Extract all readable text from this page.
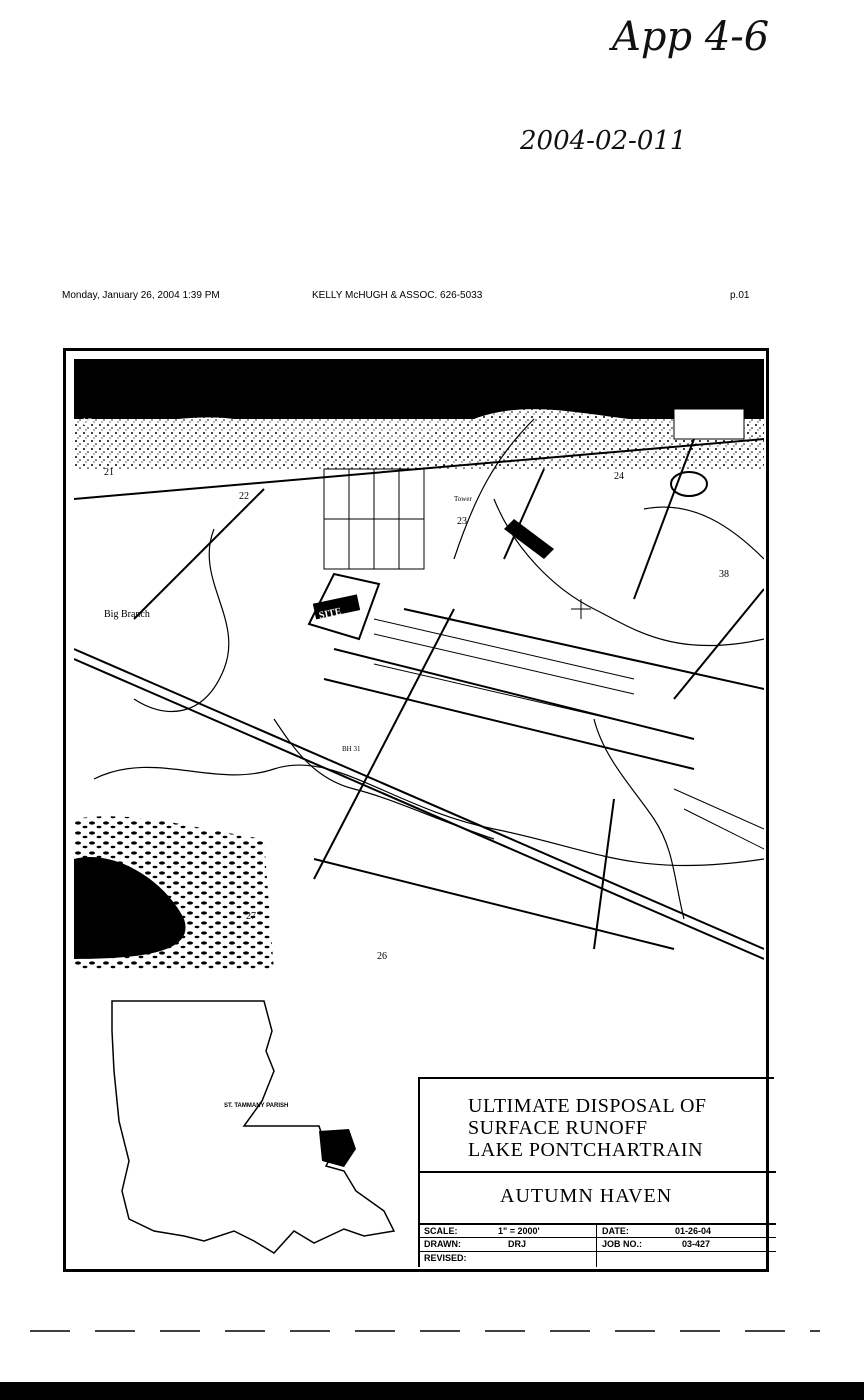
App 4-6
2004-02-011
Monday, January 26, 2004 1:39 PM	KELLY McHUGH & ASSOC. 626-5033	p.01
16
21
22
23
24
38
27
26
Big Branch
Tower
SITE
BH 31
ST. TAMMANY PARISH	ULTIMATE DISPOSAL OF
SURFACE RUNOFF
LAKE PONTCHARTRAIN
AUTUMN HAVEN
SCALE:	1" = 2000'	DATE:	01-26-04
DRAWN:	DRJ	JOB NO.:	03-427
REVISED:
